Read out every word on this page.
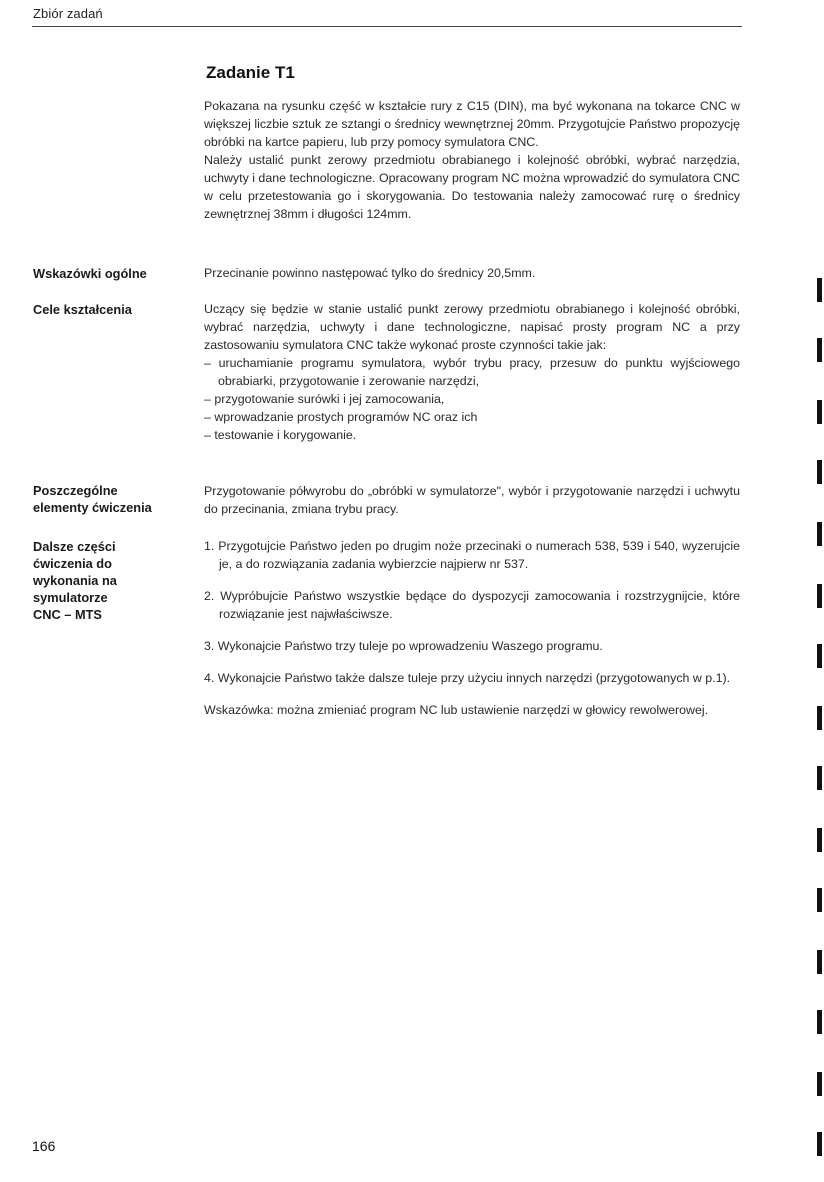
Zbiór zadań
Zadanie T1

Pokazana na rysunku część w kształcie rury z C15 (DIN), ma być wykonana na tokarce CNC w większej liczbie sztuk ze sztangi o średnicy wewnętrznej 20mm. Przygotujcie Państwo propozycję obróbki na kartce papieru, lub przy pomocy symulatora CNC.

Należy ustalić punkt zerowy przedmiotu obrabianego i kolejność obróbki, wybrać narzędzia, uchwyty i dane technologiczne. Opracowany program NC można wprowadzić do symulatora CNC w celu przetestowania go i skorygowania. Do testowania należy zamocować rurę o średnicy zewnętrznej 38mm i długości 124mm.

Wskazówki ogólne	Przecinanie powinno następować tylko do średnicy 20,5mm.

Cele kształcenia	Uczący się będzie w stanie ustalić punkt zerowy przedmiotu obrabianego i kolejność obróbki, wybrać narzędzia, uchwyty i dane technologiczne, napisać prosty program NC a przy zastosowaniu symulatora CNC także wykonać proste czynności takie jak:

– uruchamianie programu symulatora, wybór trybu pracy, przesuw do punktu wyjściowego obrabiarki, przygotowanie i zerowanie narzędzi,
– przygotowanie surówki i jej zamocowania,
– wprowadzanie prostych programów NC oraz ich
– testowanie i korygowanie.
Poszczególne
elementy ćwiczenia

Przygotowanie półwyrobu do „obróbki w symulatorze", wybór i przygotowanie narzędzi i uchwytu do przecinania, zmiana trybu pracy.

Dalsze części
ćwiczenia do
wykonania na
symulatorze
CNC – MTS
1. Przygotujcie Państwo jeden po drugim noże przecinaki o numerach 538, 539 i 540, wyzerujcie je, a do rozwiązania zadania wybierzcie najpierw nr 537.
2. Wypróbujcie Państwo wszystkie będące do dyspozycji zamocowania i rozstrzygnijcie, które rozwiązanie jest najwłaściwsze.
3. Wykonajcie Państwo trzy tuleje po wprowadzeniu Waszego programu.
4. Wykonajcie Państwo także dalsze tuleje przy użyciu innych narzędzi (przygotowanych w p.1).

Wskazówka: można zmieniać program NC lub ustawienie narzędzi w głowicy rewolwerowej.

166
